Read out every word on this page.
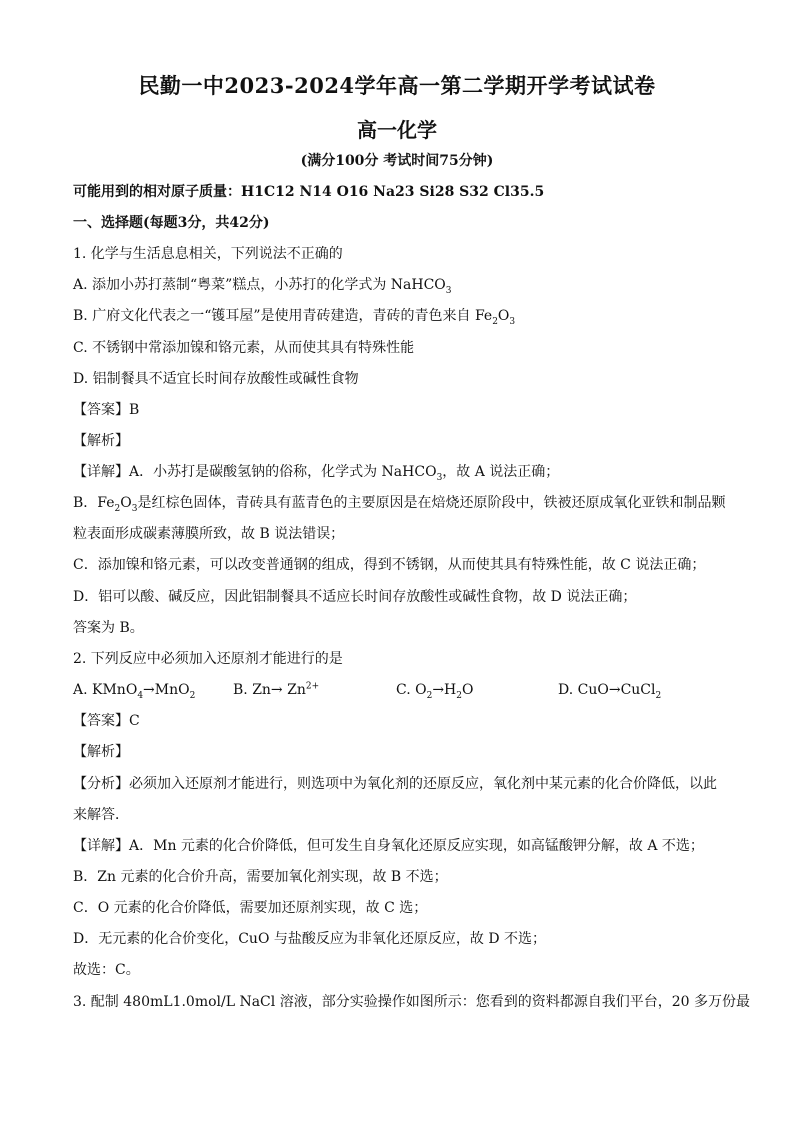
民勤一中2023-2024学年高一第二学期开学考试试卷
高一化学
(满分100分 考试时间75分钟)
可能用到的相对原子质量：H1C12 N14 O16 Na23 Si28 S32 Cl35.5
一、选择题(每题3分，共42分)
1. 化学与生活息息相关，下列说法不正确的
A. 添加小苏打蒸制“粤菜”糕点，小苏打的化学式为 NaHCO$_3$
B. 广府文化代表之一“镬耳屋”是使用青砖建造，青砖的青色来自 $Fe_2O_3$
C. 不锈钢中常添加镍和铬元素，从而使其具有特殊性能
D. 铝制餐具不适宜长时间存放酸性或碱性食物
【答案】B
【解析】
【详解】A．小苏打是碳酸氢钠的俗称，化学式为 NaHCO$_3$，故 A 说法正确；
B．$Fe_2O_3$是红棕色固体，青砖具有蓝青色的主要原因是在焙烧还原阶段中，铁被还原成氧化亚铁和制品颗
粒表面形成碳素薄膜所致，故 B 说法错误；
C．添加镍和铬元素，可以改变普通钢的组成，得到不锈钢，从而使其具有特殊性能，故 C 说法正确；
D．铝可以酸、碱反应，因此铝制餐具不适应长时间存放酸性或碱性食物，故 D 说法正确；
答案为 B。
2. 下列反应中必须加入还原剂才能进行的是
A. KMnO$_4$→MnO$_2$	B. $Zn\to Zn^{2+}$	C. $O_2\to H_2O$	D. CuO→CuCl$_2$
【答案】C
【解析】
【分析】必须加入还原剂才能进行，则选项中为氧化剂的还原反应，氧化剂中某元素的化合价降低，以此
来解答．
【详解】A．Mn 元素的化合价降低，但可发生自身氧化还原反应实现，如高锰酸钾分解，故 A 不选；
B．Zn 元素的化合价升高，需要加氧化剂实现，故 B 不选；
C．O 元素的化合价降低，需要加还原剂实现，故 C 选；
D．无元素的化合价变化，CuO 与盐酸反应为非氧化还原反应，故 D 不选；
故选：C。
3. 配制 480mL1.0mol/L NaCl 溶液，部分实验操作如图所示：您看到的资料都源自我们平台，20 多万份最
